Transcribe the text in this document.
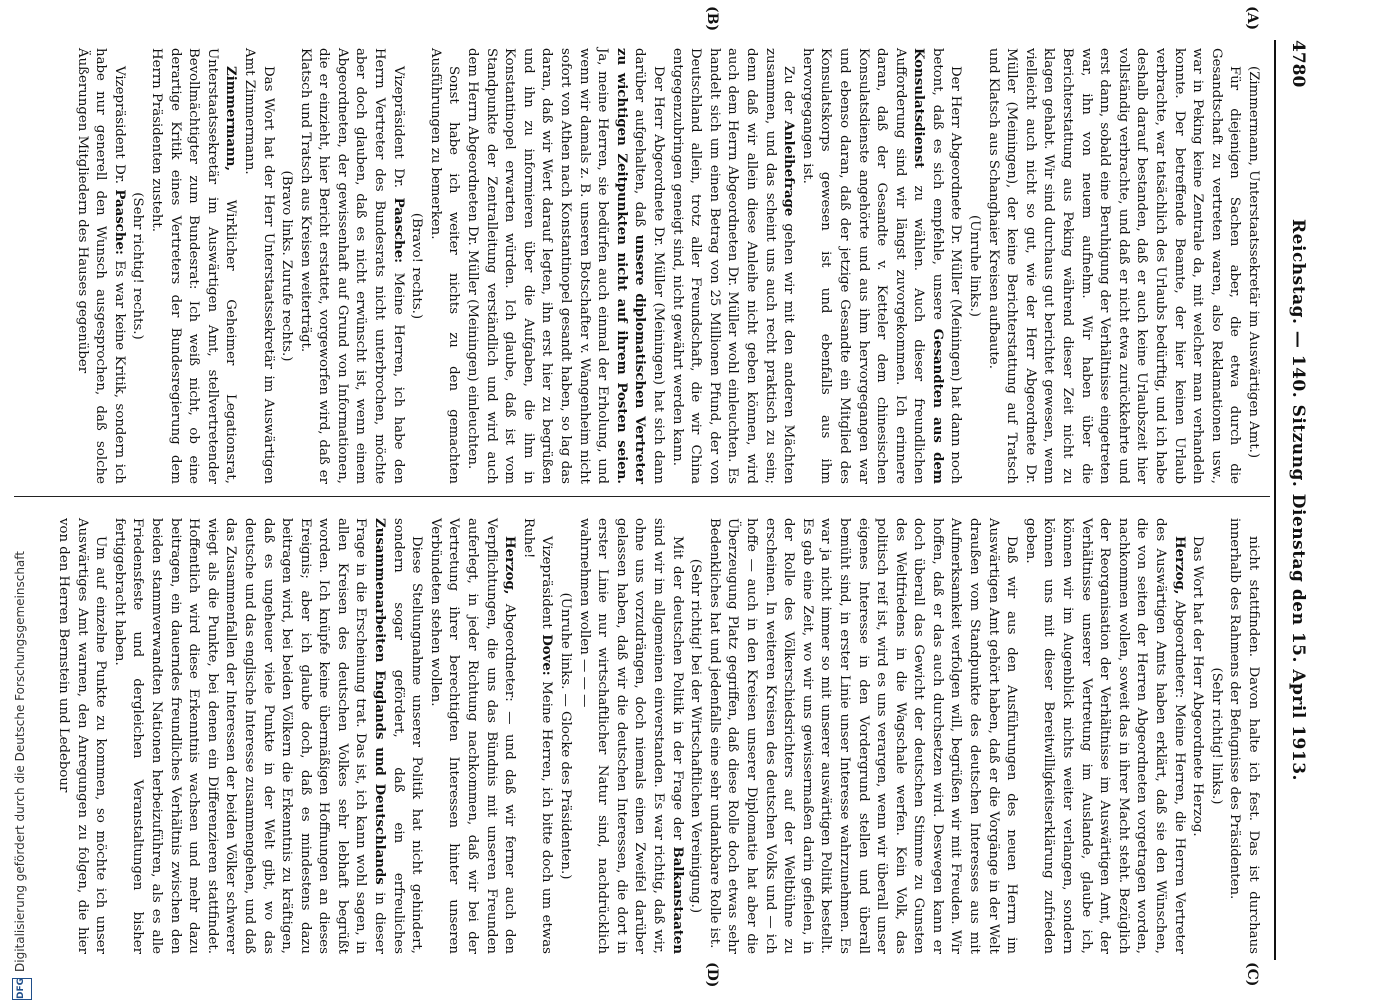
4780
Reichstag. — 140. Sitzung. Dienstag den 15. April 1913.
(A)
(B)
(C)
(D)

(Zimmermann, Unterstaatssekretär im Auswärtigen Amt.)

Für diejenigen Sachen aber, die etwa durch die Gesandtschaft zu vertreten waren, also Reklamationen usw., war in Peking keine Zentrale da, mit welcher man verhandeln konnte. Der betreffende Beamte, der hier keinen Urlaub verbrachte, war tatsächlich des Urlaubs bedürftig, und ich habe deshalb darauf bestanden, daß er auch keine Urlaubszeit hier vollständig verbrachte, und daß er nicht etwa zurückkehrte und erst dann, sobald eine Beruhigung der Verhältnisse eingetreten war, ihn von neuem aufnehm. Wir haben über die Berichterstattung aus Peking während dieser Zeit nicht zu klagen gehabt. Wir sind durchaus gut berichtet gewesen, wenn vielleicht auch nicht so gut, wie der Herr Abgeordnete Dr. Müller (Meiningen), der keine Berichterstattung auf Tratsch und Klatsch aus Schanghaier Kreisen aufbaute.

(Unruhe links.)

Der Herr Abgeordnete Dr. Müller (Meiningen) hat dann noch betont, daß es sich empfehle, unsere Gesandten aus dem Konsulatsdienst zu wählen. Auch dieser freundlichen Aufforderung sind wir längst zuvorgekommen. Ich erinnere daran, daß der Gesandte v. Ketteler dem chinesischen Konsulatsdienste angehörte und aus ihm hervorgegangen war und ebenso daran, daß der jetzige Gesandte ein Mitglied des Konsulatskorps gewesen ist und ebenfalls aus ihm hervorgegangen ist.

Zu der Anleihefrage gehen wir mit den anderen Mächten zusammen, und das scheint uns auch recht praktisch zu sein; denn daß wir allein diese Anleihe nicht geben können, wird auch dem Herrn Abgeordneten Dr. Müller wohl einleuchten. Es handelt sich um einen Betrag von 25 Millionen Pfund, der von Deutschland allein, trotz aller Freundschaft, die wir China entgegenzubringen geneigt sind, nicht gewährt werden kann.

Der Herr Abgeordnete Dr. Müller (Meiningen) hat sich dann darüber aufgehalten, daß unsere diplomatischen Vertreter zu wichtigen Zeitpunkten nicht auf ihrem Posten seien. Ja, meine Herren, sie bedürfen auch einmal der Erholung, und wenn wir damals z. B. unseren Botschafter v. Wangenheim nicht sofort von Athen nach Konstantinopel gesandt haben, so lag das daran, daß wir Wert darauf legten, ihn erst hier zu begrüßen und ihn zu informieren über die Aufgaben, die ihm in Konstantinopel erwarten würden. Ich glaube, daß ist vom Standpunkte der Zentralleitung verständlich und wird auch dem Herrn Abgeordneten Dr. Müller (Meiningen) einleuchten.

Sonst habe ich weiter nichts zu den gemachten Ausführungen zu bemerken.

(Bravo! rechts.)

Vizepräsident Dr. Paasche: Meine Herren, ich habe den Herrn Vertreter des Bundesrats nicht unterbrochen, möchte aber doch glauben, daß es nicht erwünscht ist, wenn einem Abgeordneten, der gewissenhaft auf Grund von Informationen, die er einzieht, hier Bericht erstattet, vorgeworfen wird, daß er Klatsch und Tratsch aus Kreisen weiterträgt.

(Bravo links. Zurufe rechts.)

Das Wort hat der Herr Unterstaatssekretär im Auswärtigen Amt Zimmermann.

Zimmermann, Wirklicher Geheimer Legationsrat, Unterstaatssekretär im Auswärtigen Amt, stellvertretender Bevollmächtigter zum Bundesrat: Ich weiß nicht, ob eine derartige Kritik eines Vertreters der Bundesregierung dem Herrn Präsidenten zusteht.

(Sehr richtig! rechts.)

Vizepräsident Dr. Paasche: Es war keine Kritik, sondern ich habe nur generell den Wunsch ausgesprochen, daß solche Äußerungen Mitgliedern des Hauses gegenüber

nicht stattfinden. Davon halte ich fest. Das ist durchaus innerhalb des Rahmens der Befugnisse des Präsidenten.

(Sehr richtig! links.)

Das Wort hat der Herr Abgeordnete Herzog.

Herzog, Abgeordneter: Meine Herren, die Herren Vertreter des Auswärtigen Amts haben erklärt, daß sie den Wünschen, die von seiten der Herren Abgeordneten vorgetragen worden, nachkommen wollen, soweit das in ihrer Macht steht. Bezüglich der Reorganisation der Verhältnisse im Auswärtigen Amt, der Verhältnisse unserer Vertretung im Auslande, glaube ich, können wir im Augenblick nichts weiter verlangen, sondern können uns mit dieser Bereitwilligkeitserklärung zufrieden geben.

Daß wir aus den Ausführungen des neuen Herrn im Auswärtigen Amt gehört haben, daß er die Vorgänge in der Welt draußen vom Standpunkte des deutschen Interesses aus mit Aufmerksamkeit verfolgen will, begrüßen wir mit Freuden. Wir hoffen, daß er das auch durchsetzen wird. Deswegen kann er doch überall das Gewicht der deutschen Stimme zu Gunsten des Weltfriedens in die Wagschale werfen. Kein Volk, das politisch reif ist, wird es uns verargen, wenn wir überall unser eigenes Interesse in den Vordergrund stellen und überall bemüht sind, in erster Linie unser Interesse wahrzunehmen. Es war ja nicht immer so mit unserer auswärtigen Politik bestellt. Es gab eine Zeit, wo wir uns gewissermaßen darin gefielen, in der Rolle des Völkerschiedsrichters auf der Weltbühne zu erscheinen. In weiteren Kreisen des deutschen Volks und — ich hoffe — auch in den Kreisen unserer Diplomatie hat aber die Überzeugung Platz gegriffen, daß diese Rolle doch etwas sehr Bedenkliches hat und jedenfalls eine sehr undankbare Rolle ist.

(Sehr richtig! bei der Wirtschaftlichen Vereinigung.)

Mit der deutschen Politik in der Frage der Balkanstaaten sind wir im allgemeinen einverstanden. Es war richtig, daß wir, ohne uns vorzudrängen, doch niemals einen Zweifel darüber gelassen haben, daß wir die deutschen Interessen, die dort in erster Linie nur wirtschaftlicher Natur sind, nachdrücklich wahrnehmen wollen — — —

(Unruhe links. — Glocke des Präsidenten.)

Vizepräsident Dove: Meine Herren, ich bitte doch um etwas Ruhe!

Herzog, Abgeordneter: — und daß wir ferner auch den Verpflichtungen, die uns das Bündnis mit unseren Freunden auferlegt, in jeder Richtung nachkommen, daß wir bei der Vertretung ihrer berechtigten Interessen hinter unseren Verbündeten stehen wollen.

Diese Stellungnahme unserer Politik hat nicht gehindert, sondern sogar gefördert, daß ein erfreuliches Zusammenarbeiten Englands und Deutschlands in dieser Frage in die Erscheinung trat. Das ist, ich kann wohl sagen, in allen Kreisen des deutschen Volkes sehr lebhaft begrüßt worden. Ich knüpfe keine übermäßigen Hoffnungen an dieses Ereignis; aber ich glaube doch, daß es mindestens dazu beitragen wird, bei beiden Völkern die Erkenntnis zu kräftigen, daß es ungeheuer viele Punkte in der Welt gibt, wo das deutsche und das englische Interesse zusammengehen, und daß das Zusammenfallen der Interessen der beiden Völker schwerer wiegt als die Punkte, bei denen ein Differenzieren stattfindet. Hoffentlich wird diese Erkenntnis wachsen und mehr dazu beitragen, ein dauerndes freundliches Verhältnis zwischen den beiden stammverwandten Nationen herbeizuführen, als es alle Friedensfeste und dergleichen Veranstaltungen bisher fertiggebracht haben.

Um auf einzelne Punkte zu kommen, so möchte ich unser Auswärtiges Amt warnen, den Anregungen zu folgen, die hier von den Herren Bernstein und Ledebour

DFG
Digitalisierung gefördert durch die Deutsche Forschungsgemeinschaft
